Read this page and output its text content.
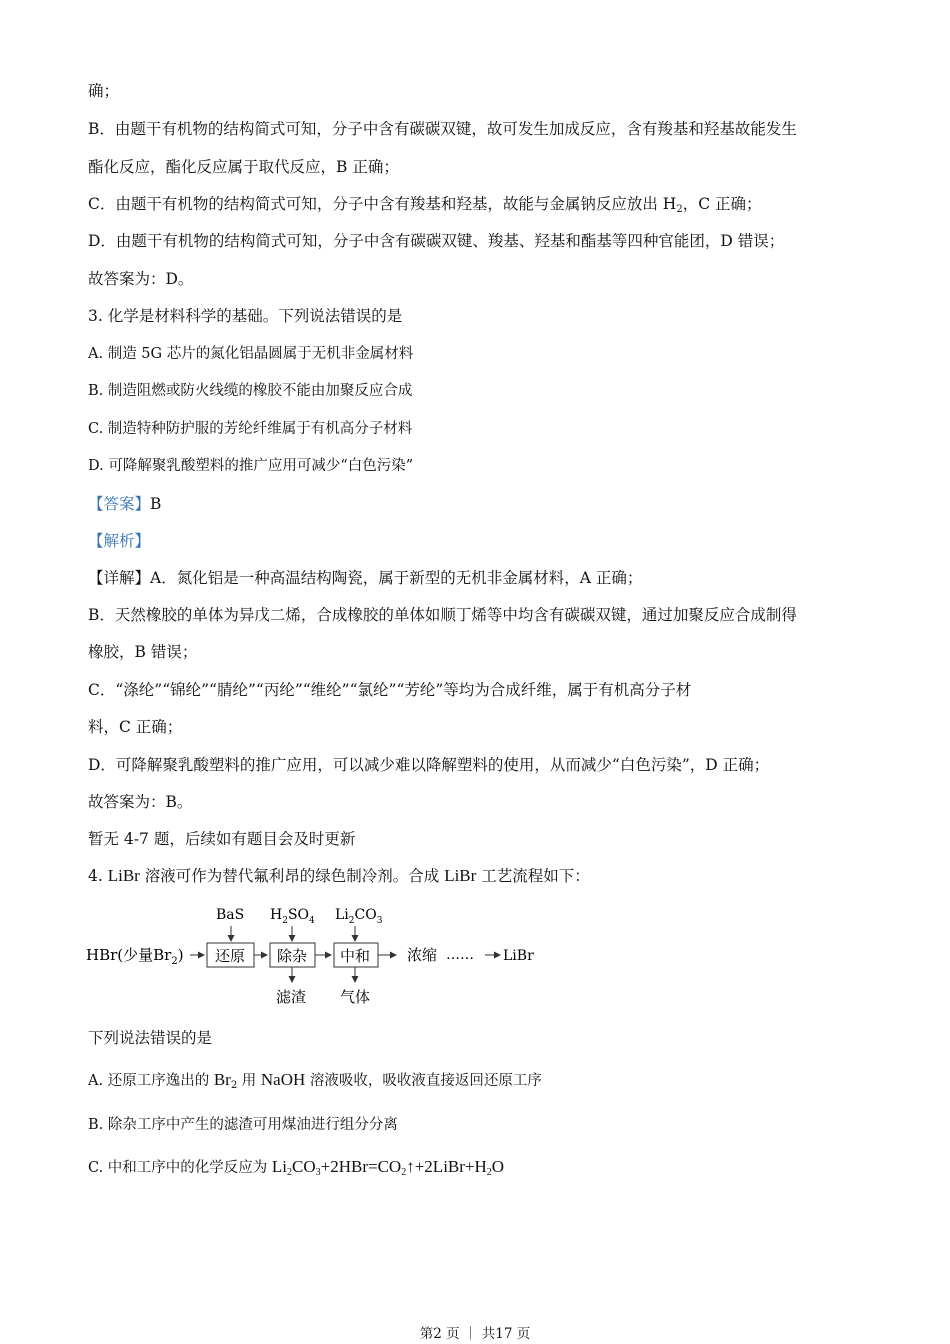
确；
B．由题干有机物的结构简式可知，分子中含有碳碳双键，故可发生加成反应，含有羧基和羟基故能发生
酯化反应，酯化反应属于取代反应，B 正确；
C．由题干有机物的结构简式可知，分子中含有羧基和羟基，故能与金属钠反应放出 $H_2$，C 正确；
D．由题干有机物的结构简式可知，分子中含有碳碳双键、羧基、羟基和酯基等四种官能团，D 错误；
故答案为：D。
3. 化学是材料科学的基础。下列说法错误的是
A. 制造 5G 芯片的氮化铝晶圆属于无机非金属材料
B. 制造阻燃或防火线缆的橡胶不能由加聚反应合成
C. 制造特种防护服的芳纶纤维属于有机高分子材料
D. 可降解聚乳酸塑料的推广应用可减少“白色污染”
【答案】B
【解析】
【详解】A．氮化铝是一种高温结构陶瓷，属于新型的无机非金属材料，A 正确；
B．天然橡胶的单体为异戊二烯，合成橡胶的单体如顺丁烯等中均含有碳碳双键，通过加聚反应合成制得
橡胶，B 错误；
C．“涤纶”“锦纶”“腈纶”“丙纶”“维纶”“氯纶”“芳纶”等均为合成纤维，属于有机高分子材
料，C 正确；
D．可降解聚乳酸塑料的推广应用，可以减少难以降解塑料的使用，从而减少“白色污染”，D 正确；
故答案为：B。
暂无 4-7 题，后续如有题目会及时更新
4. LiBr 溶液可作为替代氟利昂的绿色制冷剂。合成 LiBr 工艺流程如下：
BaS $H_2SO_4$ $Li_2CO_3$
HBr(少量$Br_2$) 还原 除杂 中和 浓缩 …… LiBr
滤渣 气体
下列说法错误的是
A. 还原工序逸出的 $Br_2$ 用 NaOH 溶液吸收，吸收液直接返回还原工序
B. 除杂工序中产生的滤渣可用煤油进行组分分离
C. 中和工序中的化学反应为 $Li_2CO_3+2HBr=CO_2↑+2LiBr+H_2O$
第2 页 ｜ 共17 页
